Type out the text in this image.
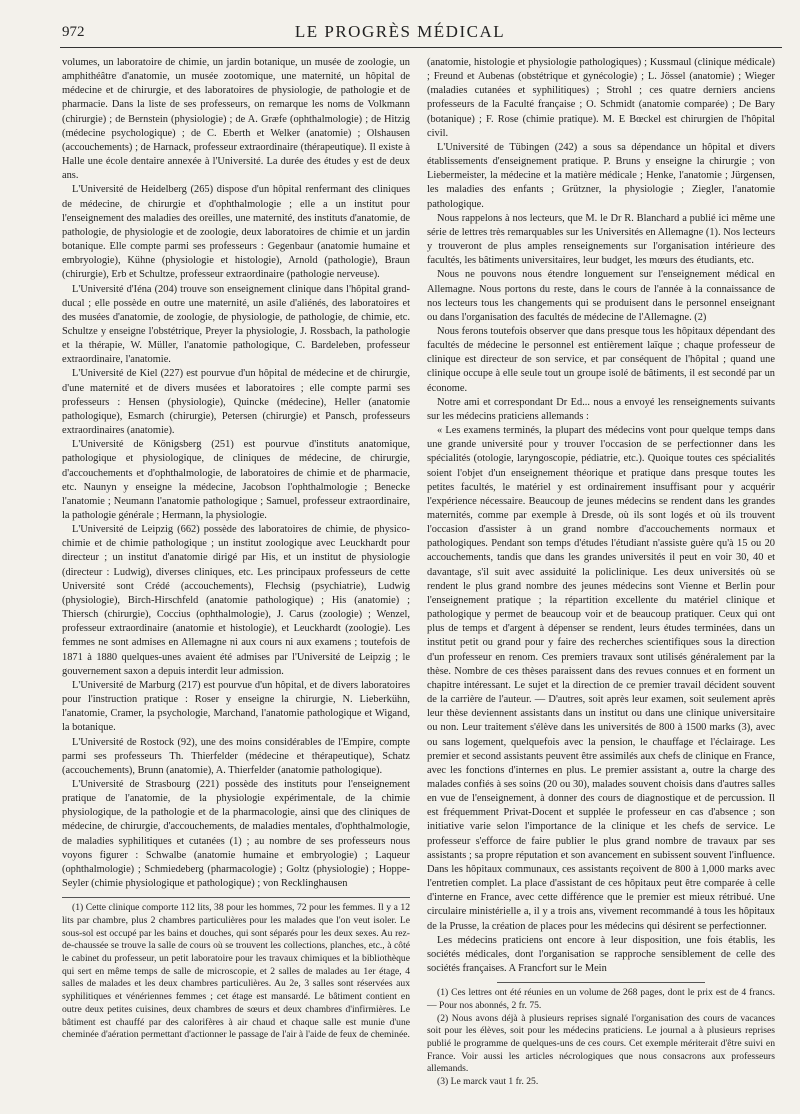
972	LE PROGRÈS MÉDICAL

volumes, un laboratoire de chimie, un jardin botanique, un musée de zoologie, un amphithéâtre d'anatomie, un musée zootomique, une maternité, un hôpital de médecine et de chirurgie, et des laboratoires de physiologie, de pathologie et de pharmacie. Dans la liste de ses professeurs, on remarque les noms de Volkmann (chirurgie) ; de Bernstein (physiologie) ; de A. Græfe (ophthalmologie) ; de Hitzig (médecine psychologique) ; de C. Eberth et Welker (anatomie) ; Olshausen (accouchements) ; de Harnack, professeur extraordinaire (thérapeutique). Il existe à Halle une école dentaire annexée à l'Université. La durée des études y est de deux ans.

L'Université de Heidelberg (265) dispose d'un hôpital renfermant des cliniques de médecine, de chirurgie et d'ophthalmologie ; elle a un institut pour l'enseignement des maladies des oreilles, une maternité, des instituts d'anatomie, de pathologie, de physiologie et de zoologie, deux laboratoires de chimie et un jardin botanique. Elle compte parmi ses professeurs : Gegenbaur (anatomie humaine et embryologie), Kühne (physiologie et histologie), Arnold (pathologie), Braun (chirurgie), Erb et Schultze, professeur extraordinaire (pathologie nerveuse).

L'Université d'Iéna (204) trouve son enseignement clinique dans l'hôpital grand-ducal ; elle possède en outre une maternité, un asile d'aliénés, des laboratoires et des musées d'anatomie, de zoologie, de physiologie, de pathologie, de chimie, etc. Schultze y enseigne l'obstétrique, Preyer la physiologie, J. Rossbach, la pathologie et la thérapie, W. Müller, l'anatomie pathologique, C. Bardeleben, professeur extraordinaire, l'anatomie.

L'Université de Kiel (227) est pourvue d'un hôpital de médecine et de chirurgie, d'une maternité et de divers musées et laboratoires ; elle compte parmi ses professeurs : Hensen (physiologie), Quincke (médecine), Heller (anatomie pathologique), Esmarch (chirurgie), Petersen (chirurgie) et Pansch, professeurs extraordinaires (anatomie).

L'Université de Königsberg (251) est pourvue d'instituts anatomique, pathologique et physiologique, de cliniques de médecine, de chirurgie, d'accouchements et d'ophthalmologie, de laboratoires de chimie et de pharmacie, etc. Naunyn y enseigne la médecine, Jacobson l'ophthalmologie ; Benecke l'anatomie ; Neumann l'anatomie pathologique ; Samuel, professeur extraordinaire, la pathologie générale ; Hermann, la physiologie.

L'Université de Leipzig (662) possède des laboratoires de chimie, de physico-chimie et de chimie pathologique ; un institut zoologique avec Leuckhardt pour directeur ; un institut d'anatomie dirigé par His, et un institut de physiologie (directeur : Ludwig), diverses cliniques, etc. Les principaux professeurs de cette Université sont Crédé (accouchements), Flechsig (psychiatrie), Ludwig (physiologie), Birch-Hirschfeld (anatomie pathologique) ; His (anatomie) ; Thiersch (chirurgie), Coccius (ophthalmologie), J. Carus (zoologie) ; Wenzel, professeur extraordinaire (anatomie et histologie), et Leuckhardt (zoologie). Les femmes ne sont admises en Allemagne ni aux cours ni aux examens ; toutefois de 1871 à 1880 quelques-unes avaient été admises par l'Université de Leipzig ; le gouvernement saxon a depuis interdit leur admission.

L'Université de Marburg (217) est pourvue d'un hôpital, et de divers laboratoires pour l'instruction pratique : Roser y enseigne la chirurgie, N. Lieberkühn, l'anatomie, Cramer, la psychologie, Marchand, l'anatomie pathologique et Wigand, la botanique.

L'Université de Rostock (92), une des moins considérables de l'Empire, compte parmi ses professeurs Th. Thierfelder (médecine et thérapeutique), Schatz (accouchements), Brunn (anatomie), A. Thierfelder (anatomie pathologique).

L'Université de Strasbourg (221) possède des instituts pour l'enseignement pratique de l'anatomie, de la physiologie expérimentale, de la chimie physiologique, de la pathologie et de la pharmacologie, ainsi que des cliniques de médecine, de chirurgie, d'accouchements, de maladies mentales, d'ophthalmologie, de maladies syphilitiques et cutanées (1) ; au nombre de ses professeurs nous voyons figurer : Schwalbe (anatomie humaine et embryologie) ; Laqueur (ophthalmologie) ; Schmiedeberg (pharmacologie) ; Goltz (physiologie) ; Hoppe-Seyler (chimie physiologique et pathologique) ; von Recklinghausen

(1) Cette clinique comporte 112 lits, 38 pour les hommes, 72 pour les femmes. Il y a 12 lits par chambre, plus 2 chambres particulières pour les malades que l'on veut isoler. Le sous-sol est occupé par les bains et douches, qui sont séparés pour les deux sexes. Au rez-de-chaussée se trouve la salle de cours où se trouvent les collections, planches, etc., à côté le cabinet du professeur, un petit laboratoire pour les travaux chimiques et la bibliothèque qui sert en même temps de salle de microscopie, et 2 salles de malades au 1er étage, 4 salles de malades et les deux chambres particulières. Au 2e, 3 salles sont réservées aux syphilitiques et vénériennes femmes ; cet étage est mansardé. Le bâtiment contient en outre deux petites cuisines, deux chambres de sœurs et deux chambres d'infirmières. Le bâtiment est chauffé par des calorifères à air chaud et chaque salle est munie d'une cheminée d'aération permettant d'actionner le passage de l'air à l'aide de feux de cheminée.

(anatomie, histologie et physiologie pathologiques) ; Kussmaul (clinique médicale) ; Freund et Aubenas (obstétrique et gynécologie) ; L. Jössel (anatomie) ; Wieger (maladies cutanées et syphilitiques) ; Strohl ; ces quatre derniers anciens professeurs de la Faculté française ; O. Schmidt (anatomie comparée) ; De Bary (botanique) ; F. Rose (chimie pratique). M. E Bœckel est chirurgien de l'hôpital civil.

L'Université de Tübingen (242) a sous sa dépendance un hôpital et divers établissements d'enseignement pratique. P. Bruns y enseigne la chirurgie ; von Liebermeister, la médecine et la matière médicale ; Henke, l'anatomie ; Jürgensen, les maladies des enfants ; Grützner, la physiologie ; Ziegler, l'anatomie pathologique.

Nous rappelons à nos lecteurs, que M. le Dr R. Blanchard a publié ici même une série de lettres très remarquables sur les Universités en Allemagne (1). Nos lecteurs y trouveront de plus amples renseignements sur l'organisation intérieure des facultés, les bâtiments universitaires, leur budget, les mœurs des étudiants, etc.

Nous ne pouvons nous étendre longuement sur l'enseignement médical en Allemagne. Nous portons du reste, dans le cours de l'année à la connaissance de nos lecteurs tous les changements qui se produisent dans le personnel enseignant ou dans l'organisation des facultés de médecine de l'Allemagne. (2)

Nous ferons toutefois observer que dans presque tous les hôpitaux dépendant des facultés de médecine le personnel est entièrement laïque ; chaque professeur de clinique est directeur de son service, et par conséquent de l'hôpital ; quand une clinique occupe à elle seule tout un groupe isolé de bâtiments, il est secondé par un économe.

Notre ami et correspondant Dr Ed... nous a envoyé les renseignements suivants sur les médecins praticiens allemands :

« Les examens terminés, la plupart des médecins vont pour quelque temps dans une grande université pour y trouver l'occasion de se perfectionner dans les spécialités (otologie, laryngoscopie, pédiatrie, etc.). Quoique toutes ces spécialités soient l'objet d'un enseignement théorique et pratique dans presque toutes les petites facultés, le matériel y est ordinairement insuffisant pour y acquérir l'expérience nécessaire. Beaucoup de jeunes médecins se rendent dans les grandes maternités, comme par exemple à Dresde, où ils sont logés et où ils trouvent l'occasion d'assister à un grand nombre d'accouchements normaux et pathologiques. Pendant son temps d'études l'étudiant n'assiste guère qu'à 15 ou 20 accouchements, tandis que dans les grandes universités il peut en voir 30, 40 et davantage, s'il suit avec assiduité la policlinique. Les deux universités où se rendent le plus grand nombre des jeunes médecins sont Vienne et Berlin pour l'enseignement pratique ; la répartition excellente du matériel clinique et pathologique y permet de beaucoup voir et de beaucoup pratiquer. Ceux qui ont plus de temps et d'argent à dépenser se rendent, leurs études terminées, dans un institut petit ou grand pour y faire des recherches scientifiques sous la direction d'un professeur en renom. Ces premiers travaux sont utilisés généralement par la thèse. Nombre de ces thèses paraissent dans des revues connues et en forment un chapitre intéressant. Le sujet et la direction de ce premier travail décident souvent de la carrière de l'auteur. — D'autres, soit après leur examen, soit seulement après leur thèse deviennent assistants dans un institut ou dans une clinique universitaire ou non. Leur traitement s'élève dans les universités de 800 à 1500 marks (3), avec ou sans logement, quelquefois avec la pension, le chauffage et l'éclairage. Les premier et second assistants peuvent être assimilés aux chefs de clinique en France, avec les fonctions d'internes en plus. Le premier assistant a, outre la charge des malades confiés à ses soins (20 ou 30), malades souvent choisis dans d'autres salles en vue de l'enseignement, à donner des cours de diagnostique et de percussion. Il est fréquemment Privat-Docent et supplée le professeur en cas d'absence ; son initiative varie selon l'importance de la clinique et les chefs de service. Le professeur s'efforce de faire publier le plus grand nombre de travaux par ses assistants ; sa propre réputation et son avancement en subissent souvent l'influence. Dans les hôpitaux communaux, ces assistants reçoivent de 800 à 1,000 marks avec l'entretien complet. La place d'assistant de ces hôpitaux peut être comparée à celle d'interne en France, avec cette différence que le premier est mieux rétribué. Une circulaire ministérielle a, il y a trois ans, vivement recommandé à tous les hôpitaux de la Prusse, la création de places pour les médecins qui désirent se perfectionner.

Les médecins praticiens ont encore à leur disposition, une fois établis, les sociétés médicales, dont l'organisation se rapproche sensiblement de celle des sociétés françaises. A Francfort sur le Mein

(1) Ces lettres ont été réunies en un volume de 268 pages, dont le prix est de 4 francs. — Pour nos abonnés, 2 fr. 75.

(2) Nous avons déjà à plusieurs reprises signalé l'organisation des cours de vacances soit pour les élèves, soit pour les médecins praticiens. Le journal a à plusieurs reprises publié le programme de quelques-uns de ces cours. Cet exemple mériterait d'être suivi en France. Voir aussi les articles nécrologiques que nous consacrons aux professeurs allemands.

(3) Le marck vaut 1 fr. 25.
